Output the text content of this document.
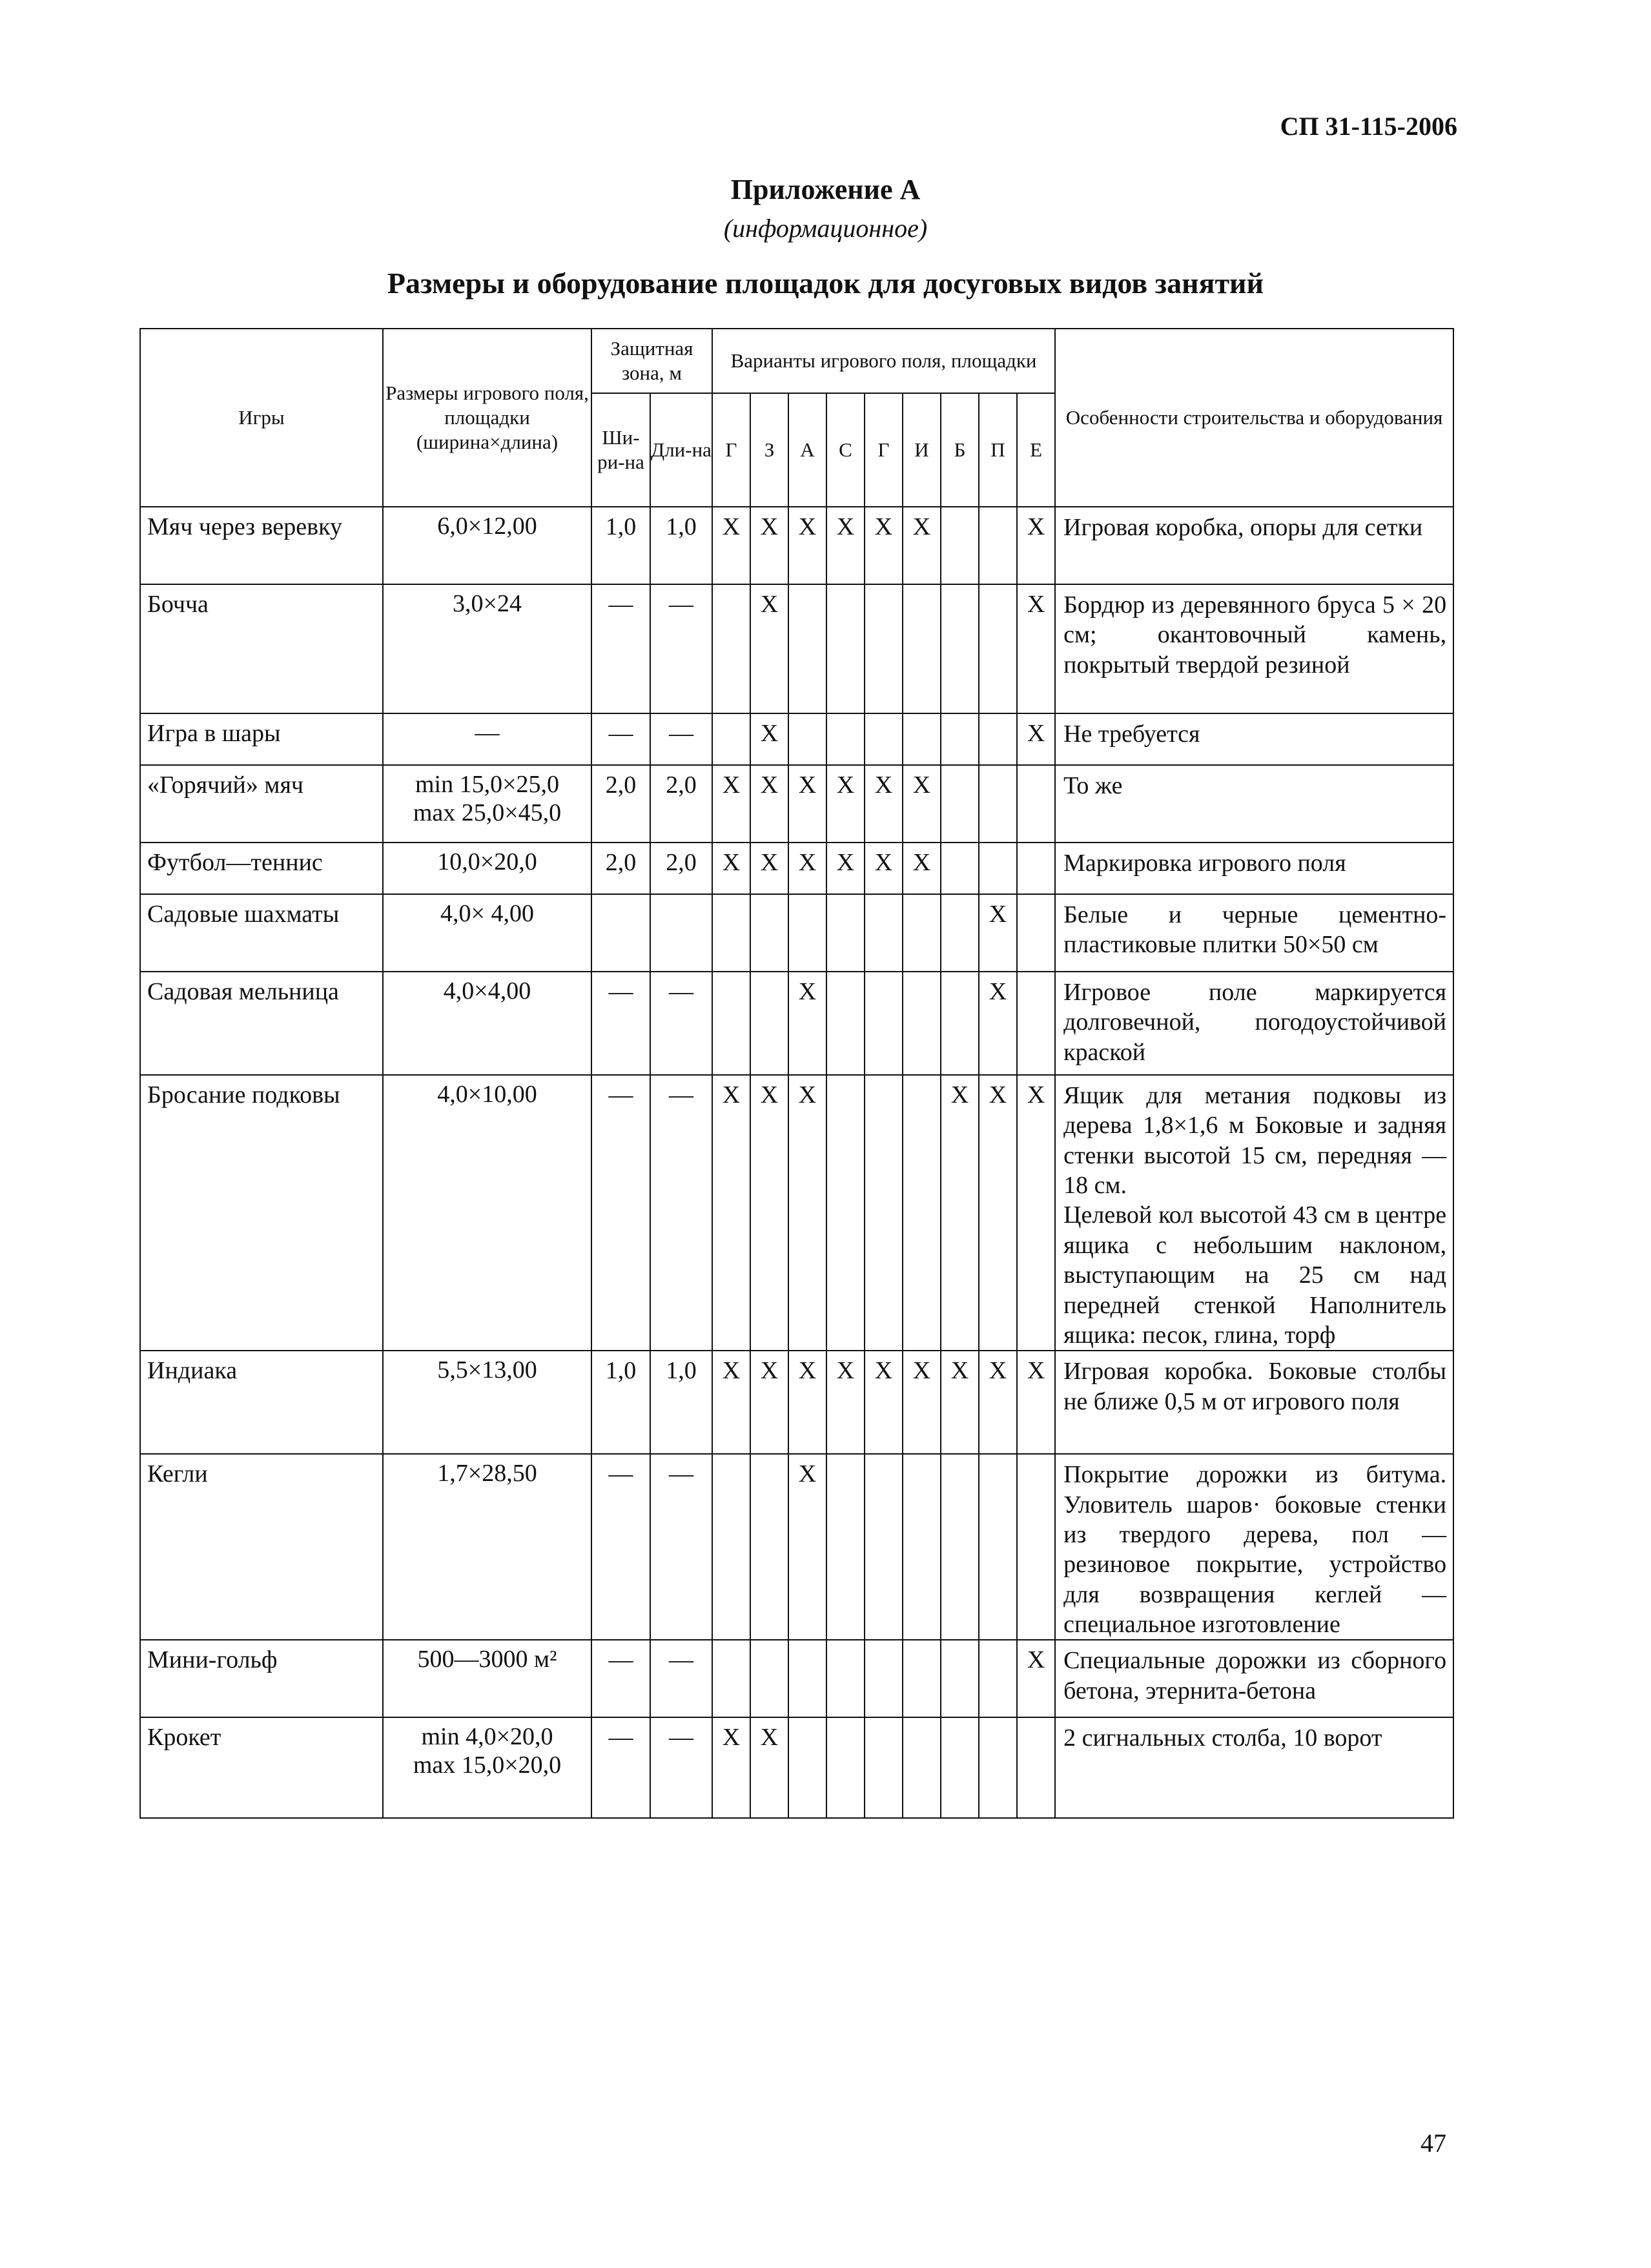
СП 31-115-2006
Приложение А
(информационное)
Размеры и оборудование площадок для досуговых видов занятий
Игры	Размеры игрового поля, площадки (ширина×длина)	Защитная зона, м		Варианты игрового поля, площадки									Особенности строительства и оборудования
		Ши-ри-на	Дли-на	Г	З	А	С	Г	И	Б	П	Е	
Мяч через веревку	6,0×12,00	1,0	1,0	X	X	X	X	X	X			X	Игровая коробка, опоры для сетки
Бочча	3,0×24	—	—		X							X	Бордюр из деревянного бруса 5 × 20 см; окантовочный камень, покрытый твердой резиной
Игра в шары	—	—	—		X							X	Не требуется
«Горячий» мяч	min 15,0×25,0
max 25,0×45,0	2,0	2,0	X	X	X	X	X	X				То же
Футбол—теннис	10,0×20,0	2,0	2,0	X	X	X	X	X	X				Маркировка игрового поля
Садовые шахматы	4,0× 4,00										X		Белые и черные цементно-пластиковые плитки 50×50 см
Садовая мельница	4,0×4,00	—	—			X					X		Игровое поле маркируется долговечной, погодоустойчивой краской
Бросание подковы	4,0×10,00	—	—	X	X	X				X	X	X	Ящик для метания подковы из дерева 1,8×1,6 м Боковые и задняя стенки высотой 15 см, передняя — 18 см.
Целевой кол высотой 43 см в центре ящика с небольшим наклоном, выступающим на 25 см над передней стенкой Наполнитель ящика: песок, глина, торф
Индиака	5,5×13,00	1,0	1,0	X	X	X	X	X	X	X	X	X	Игровая коробка. Боковые столбы не ближе 0,5 м от игрового поля
Кегли	1,7×28,50	—	—			X							Покрытие дорожки из битума. Уловитель шаров· боковые стенки из твердого дерева, пол — резиновое покрытие, устройство для возвращения кеглей — специальное изготовление
Мини-гольф	500—3000 м²	—	—									X	Специальные дорожки из сборного бетона, этернита-бетона
Крокет	min 4,0×20,0
max 15,0×20,0	—	—	X	X								2 сигнальных столба, 10 ворот
47
